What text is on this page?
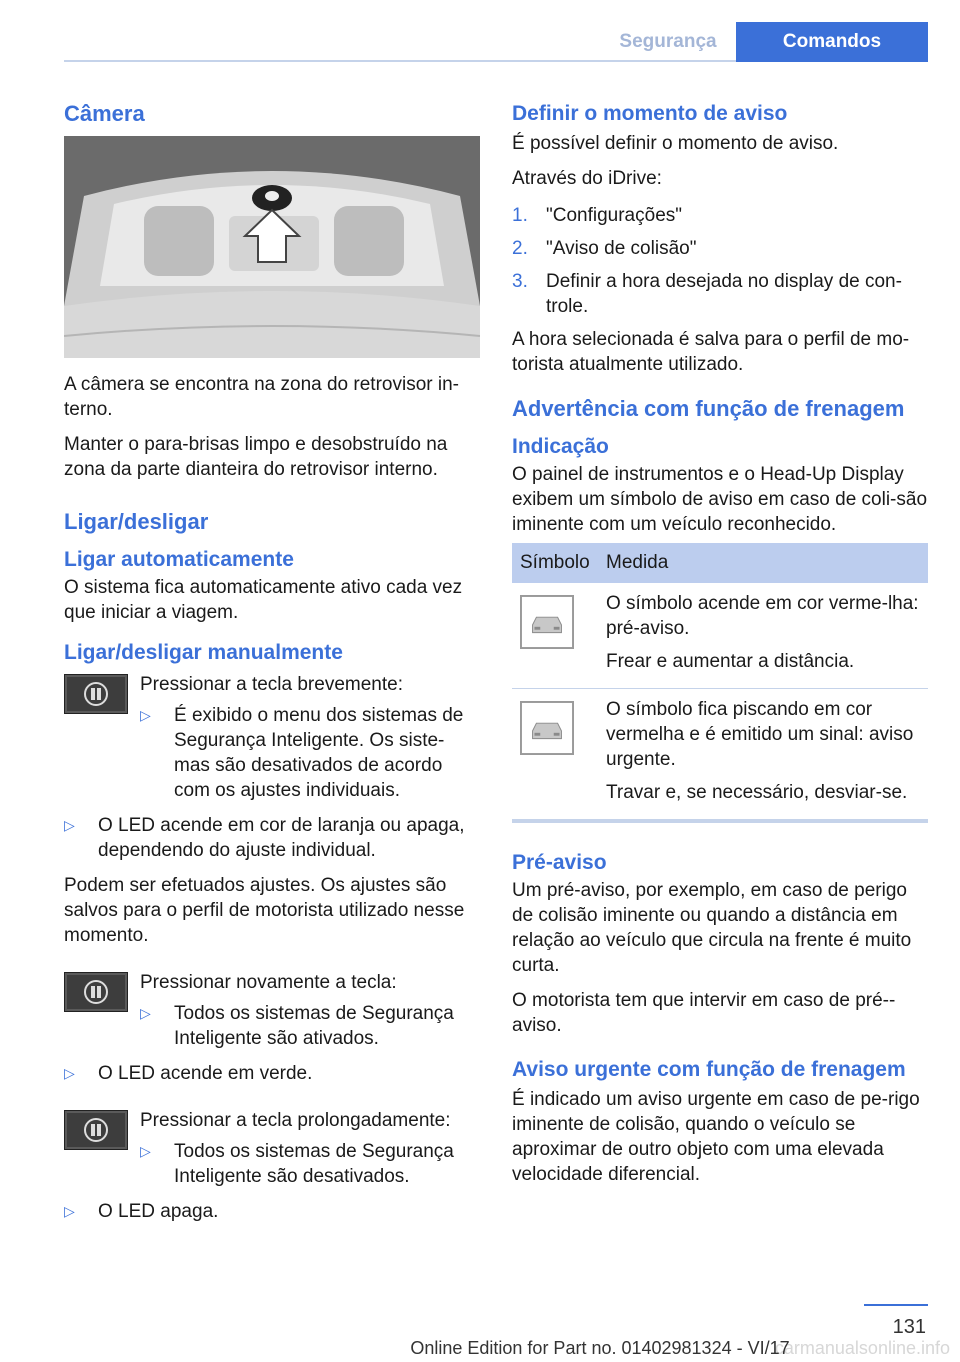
Segurança	Comandos
Câmera

A câmera se encontra na zona do retrovisor in-terno.

Manter o para-brisas limpo e desobstruído na zona da parte dianteira do retrovisor interno.

Ligar/desligar
Ligar automaticamente

O sistema fica automaticamente ativo cada vez que iniciar a viagem.

Ligar/desligar manualmente

Pressionar a tecla brevemente:

▷	É exibido o menu dos sistemas de Segurança Inteligente. Os siste-mas são desativados de acordo com os ajustes individuais.
▷	O LED acende em cor de laranja ou apaga, dependendo do ajuste individual.

Podem ser efetuados ajustes. Os ajustes são salvos para o perfil de motorista utilizado nesse momento.

Pressionar novamente a tecla:

▷	Todos os sistemas de Segurança Inteligente são ativados.
▷	O LED acende em verde.

Pressionar a tecla prolongadamente:

▷	Todos os sistemas de Segurança Inteligente são desativados.
▷	O LED apaga.
Definir o momento de aviso

É possível definir o momento de aviso.

Através do iDrive:

1. "Configurações"
2. "Aviso de colisão"
3. Definir a hora desejada no display de con-trole.

A hora selecionada é salva para o perfil de mo-torista atualmente utilizado.

Advertência com função de frenagem
Indicação

O painel de instrumentos e o Head-Up Display exibem um símbolo de aviso em caso de coli-são iminente com um veículo reconhecido.

Símbolo Medida

O símbolo acende em cor verme-lha: pré-aviso.

Frear e aumentar a distância.

O símbolo fica piscando em cor vermelha e é emitido um sinal: aviso urgente.

Travar e, se necessário, desviar-se.

Pré-aviso

Um pré-aviso, por exemplo, em caso de perigo de colisão iminente ou quando a distância em relação ao veículo que circula na frente é muito curta.

O motorista tem que intervir em caso de pré--aviso.

Aviso urgente com função de frenagem

É indicado um aviso urgente em caso de pe-rigo iminente de colisão, quando o veículo se aproximar de outro objeto com uma elevada velocidade diferencial.

131
carmanualsonline.info
Online Edition for Part no. 01402981324 - VI/17
